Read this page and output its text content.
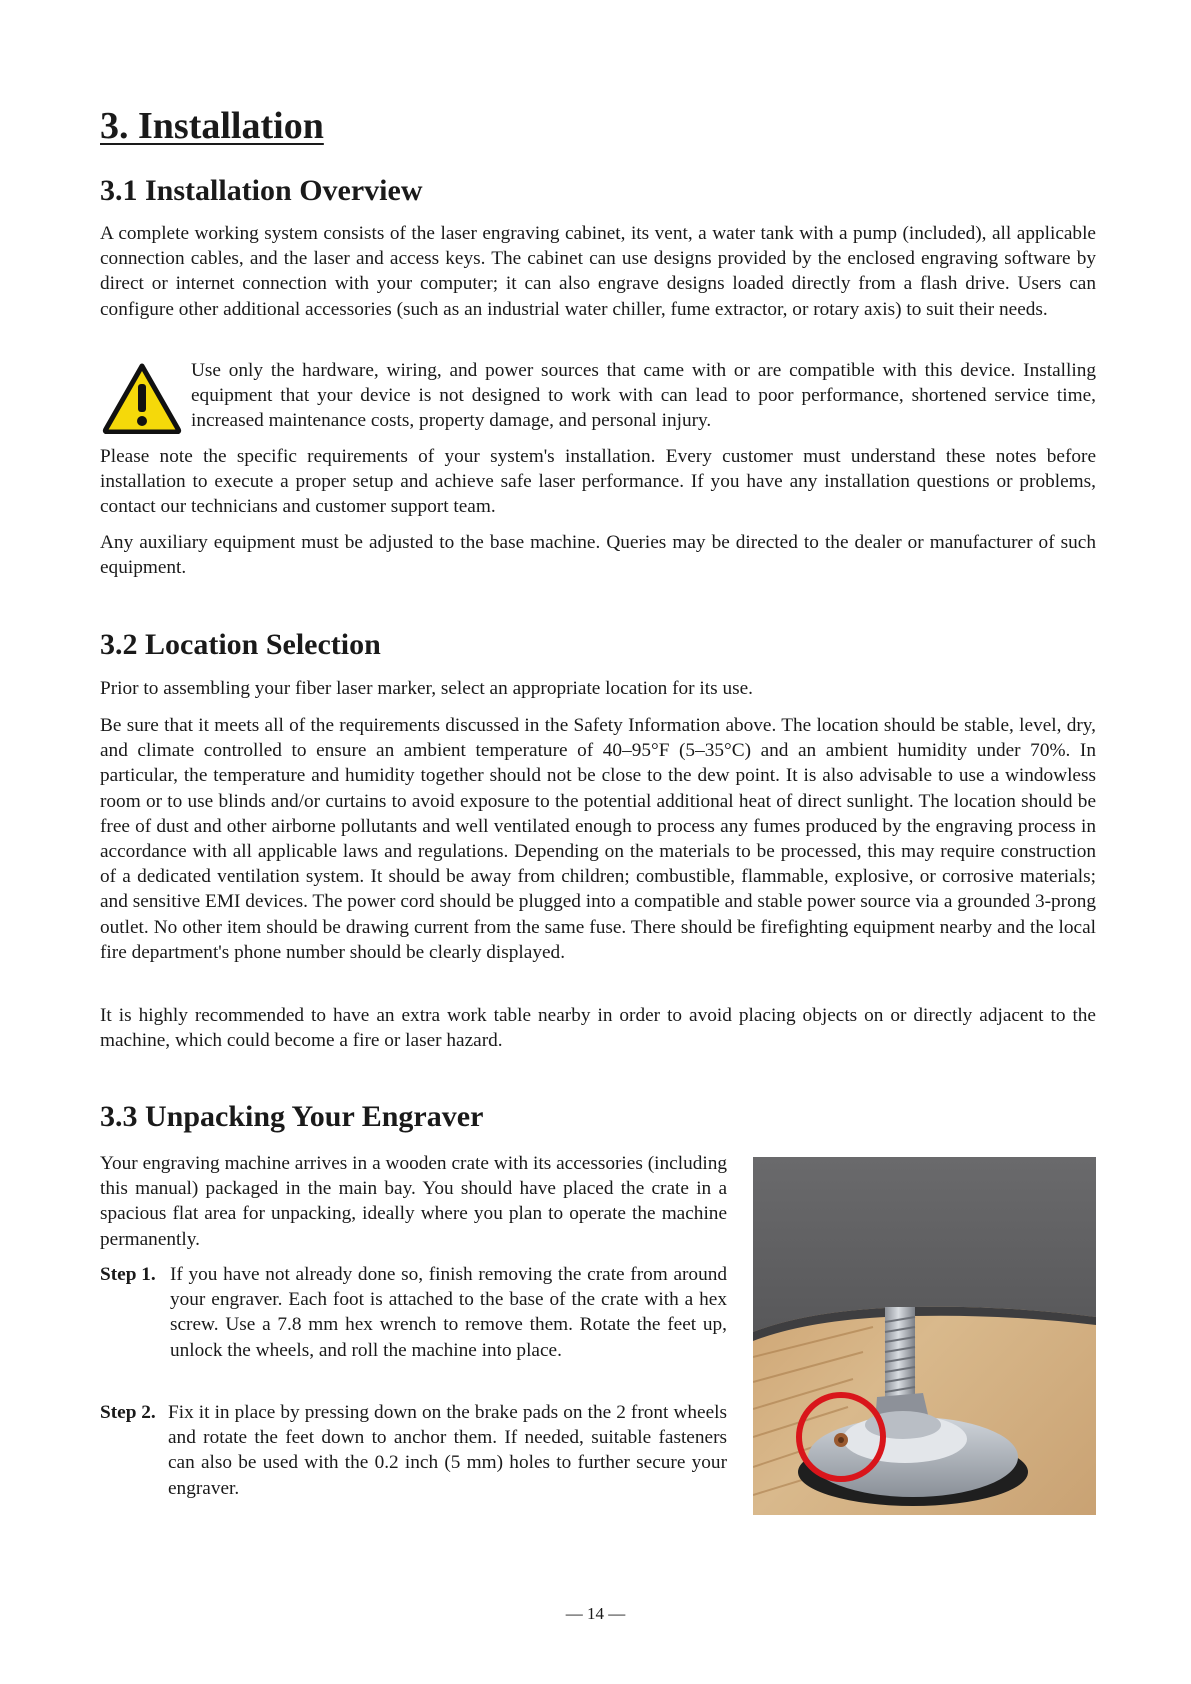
3. Installation
3.1 Installation Overview

A complete working system consists of the laser engraving cabinet, its vent, a water tank with a pump (included), all applicable connection cables, and the laser and access keys. The cabinet can use designs provided by the enclosed engraving software by direct or internet connection with your computer; it can also engrave designs loaded directly from a flash drive. Users can configure other additional accessories (such as an industrial water chiller, fume extractor, or rotary axis) to suit their needs.

Use only the hardware, wiring, and power sources that came with or are compatible with this device. Installing equipment that your device is not designed to work with can lead to poor performance, shortened service time, increased maintenance costs, property damage, and personal injury.

Please note the specific requirements of your system's installation. Every customer must understand these notes before installation to execute a proper setup and achieve safe laser performance. If you have any installation questions or problems, contact our technicians and customer support team.

Any auxiliary equipment must be adjusted to the base machine. Queries may be directed to the dealer or manufacturer of such equipment.

3.2 Location Selection

Prior to assembling your fiber laser marker, select an appropriate location for its use.

Be sure that it meets all of the requirements discussed in the Safety Information above. The location should be stable, level, dry, and climate controlled to ensure an ambient temperature of 40–95°F (5–35°C) and an ambient humidity under 70%. In particular, the temperature and humidity together should not be close to the dew point. It is also advisable to use a windowless room or to use blinds and/or curtains to avoid exposure to the potential additional heat of direct sunlight. The location should be free of dust and other airborne pollutants and well ventilated enough to process any fumes produced by the engraving process in accordance with all applicable laws and regulations. Depending on the materials to be processed, this may require construction of a dedicated ventilation system. It should be away from children; combustible, flammable, explosive, or corrosive materials; and sensitive EMI devices. The power cord should be plugged into a compatible and stable power source via a grounded 3-prong outlet. No other item should be drawing current from the same fuse. There should be firefighting equipment nearby and the local fire department's phone number should be clearly displayed.

It is highly recommended to have an extra work table nearby in order to avoid placing objects on or directly adjacent to the machine, which could become a fire or laser hazard.

3.3 Unpacking Your Engraver

Your engraving machine arrives in a wooden crate with its accessories (including this manual) packaged in the main bay. You should have placed the crate in a spacious flat area for unpacking, ideally where you plan to operate the machine permanently.

Step 1. If you have not already done so, finish removing the crate from around your engraver. Each foot is attached to the base of the crate with a hex screw. Use a 7.8 mm hex wrench to remove them. Rotate the feet up, unlock the wheels, and roll the machine into place.

Step 2. Fix it in place by pressing down on the brake pads on the 2 front wheels and rotate the feet down to anchor them. If needed, suitable fasteners can also be used with the 0.2 inch (5 mm) holes to further secure your engraver.

— 14 —
